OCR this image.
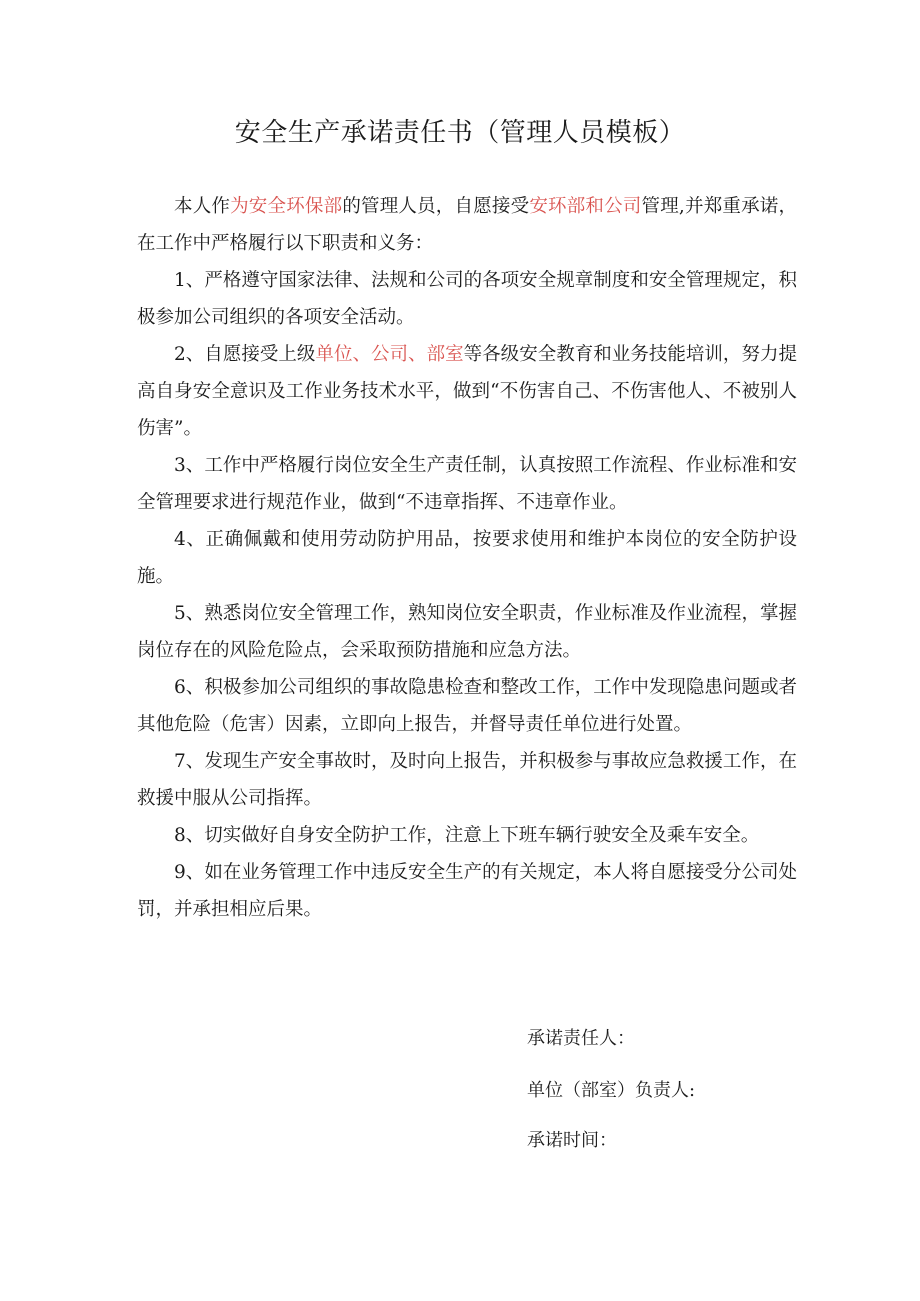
安全生产承诺责任书（管理人员模板）

本人作为安全环保部的管理人员，自愿接受安环部和公司管理,并郑重承诺，在工作中严格履行以下职责和义务：

1、严格遵守国家法律、法规和公司的各项安全规章制度和安全管理规定，积极参加公司组织的各项安全活动。

2、自愿接受上级单位、公司、部室等各级安全教育和业务技能培训，努力提高自身安全意识及工作业务技术水平，做到“不伤害自己、不伤害他人、不被别人伤害”。

3、工作中严格履行岗位安全生产责任制，认真按照工作流程、作业标准和安全管理要求进行规范作业，做到“不违章指挥、不违章作业。

4、正确佩戴和使用劳动防护用品，按要求使用和维护本岗位的安全防护设施。

5、熟悉岗位安全管理工作，熟知岗位安全职责，作业标准及作业流程，掌握岗位存在的风险危险点，会采取预防措施和应急方法。

6、积极参加公司组织的事故隐患检查和整改工作，工作中发现隐患问题或者其他危险（危害）因素，立即向上报告，并督导责任单位进行处置。

7、发现生产安全事故时，及时向上报告，并积极参与事故应急救援工作，在救援中服从公司指挥。

8、切实做好自身安全防护工作，注意上下班车辆行驶安全及乘车安全。

9、如在业务管理工作中违反安全生产的有关规定，本人将自愿接受分公司处罚，并承担相应后果。

承诺责任人：

单位（部室）负责人:

承诺时间：
